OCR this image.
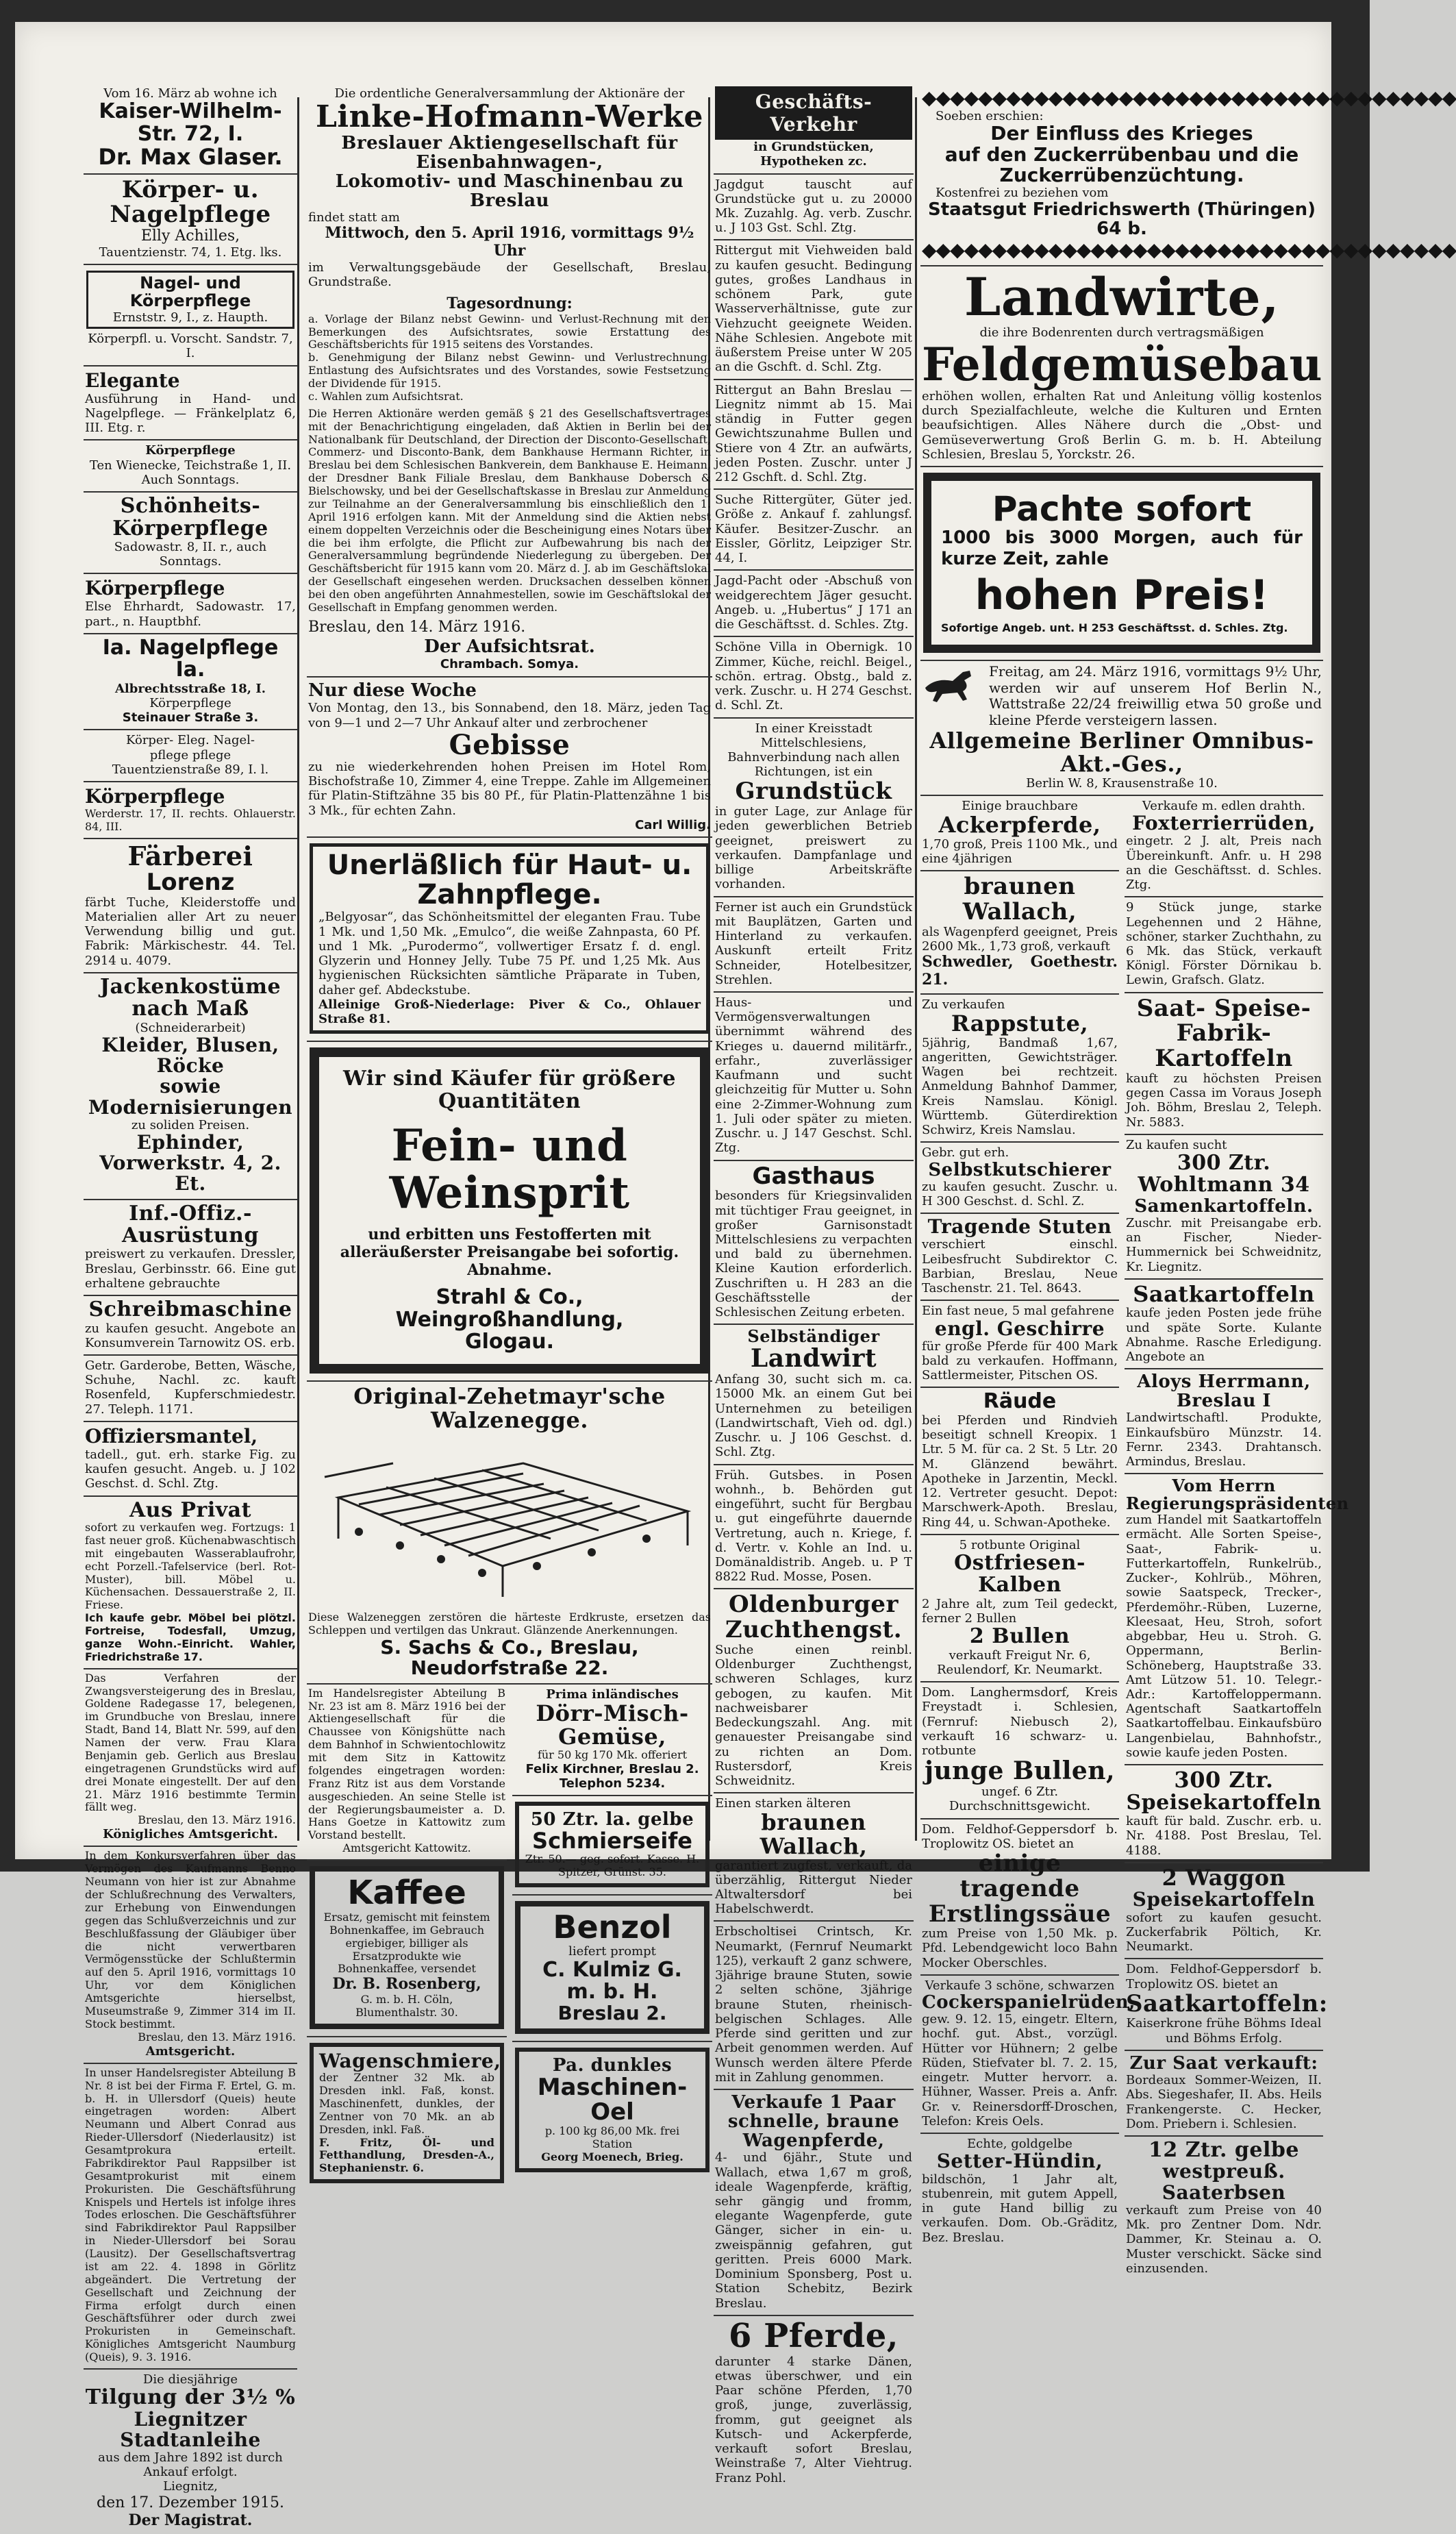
Vom 16. März ab wohne ich
Kaiser-Wilhelm-Str. 72, I.
Dr. Max Glaser.
Körper- u. Nagelpflege
Elly Achilles,
Tauentzienstr. 74, 1. Etg. lks.
Nagel- und Körperpflege
Ernststr. 9, I., z. Haupth.
Körperpfl. u. Vorscht. Sandstr. 7, I.
Elegante
Ausführung in Hand- und Nagelpflege. — Fränkelplatz 6, III. Etg. r.
Körperpflege
Ten Wienecke, Teichstraße 1, II. Auch Sonntags.
Schönheits-Körperpflege
Sadowastr. 8, II. r., auch Sonntags.
Körperpflege
Else Ehrhardt, Sadowastr. 17, part., n. Hauptbhf.
Ia. Nagelpflege Ia.
Albrechtsstraße 18, I.
Körperpflege
Steinauer Straße 3.
Körper- Eleg. Nagel-
pflege pflege
Tauentzienstraße 89, I. l.
Körperpflege
Werderstr. 17, II. rechts. Ohlauerstr. 84, III.
Färberei
Lorenz
färbt Tuche, Kleiderstoffe und Materialien aller Art zu neuer Verwendung billig und gut. Fabrik: Märkischestr. 44. Tel. 2914 u. 4079.
Jackenkostüme nach Maß
(Schneiderarbeit)
Kleider, Blusen, Röcke
sowie Modernisierungen
zu soliden Preisen.
Ephinder, Vorwerkstr. 4, 2. Et.
Inf.-Offiz.-Ausrüstung
preiswert zu verkaufen. Dressler, Breslau, Gerbinsstr. 66. Eine gut erhaltene gebrauchte
Schreibmaschine
zu kaufen gesucht. Angebote an Konsumverein Tarnowitz OS. erb.
Getr. Garderobe, Betten, Wäsche, Schuhe, Nachl. zc. kauft Rosenfeld, Kupferschmiedestr. 27. Teleph. 1171.
Offiziersmantel,
tadell., gut. erh. starke Fig. zu kaufen gesucht. Angeb. u. J 102 Geschst. d. Schl. Ztg.
Aus Privat
sofort zu verkaufen weg. Fortzugs: 1 fast neuer groß. Küchenabwaschtisch mit eingebauten Wasserablaufrohr, echt Porzell.-Tafelservice (berl. Rot-Muster), bill. Möbel u. Küchensachen. Dessauerstraße 2, II. Friese.
Ich kaufe gebr. Möbel bei plötzl. Fortreise, Todesfall, Umzug, ganze Wohn.-Einricht. Wahler, Friedrichstraße 17.
Das Verfahren der Zwangsversteigerung des in Breslau, Goldene Radegasse 17, belegenen, im Grundbuche von Breslau, innere Stadt, Band 14, Blatt Nr. 599, auf den Namen der verw. Frau Klara Benjamin geb. Gerlich aus Breslau eingetragenen Grundstücks wird auf drei Monate eingestellt. Der auf den 21. März 1916 bestimmte Termin fällt weg.
Breslau, den 13. März 1916.
Königliches Amtsgericht.
In dem Konkursverfahren über das Vermögen des Kaufmanns Benno Neumann von hier ist zur Abnahme der Schlußrechnung des Verwalters, zur Erhebung von Einwendungen gegen das Schlußverzeichnis und zur Beschlußfassung der Gläubiger über die nicht verwertbaren Vermögensstücke der Schlußtermin auf den 5. April 1916, vormittags 10 Uhr, vor dem Königlichen Amtsgerichte hierselbst, Museumstraße 9, Zimmer 314 im II. Stock bestimmt.
Breslau, den 13. März 1916.
Amtsgericht.
In unser Handelsregister Abteilung B Nr. 8 ist bei der Firma F. Ertel, G. m. b. H. in Ullersdorf (Queis) heute eingetragen worden: Albert Neumann und Albert Conrad aus Rieder-Ullersdorf (Niederlausitz) ist Gesamtprokura erteilt. Fabrikdirektor Paul Rappsilber ist Gesamtprokurist mit einem Prokuristen. Die Geschäftsführung Knispels und Hertels ist infolge ihres Todes erloschen. Die Geschäftsführer sind Fabrikdirektor Paul Rappsilber in Nieder-Ullersdorf bei Sorau (Lausitz). Der Gesellschaftsvertrag ist am 22. 4. 1898 in Görlitz abgeändert. Die Vertretung der Gesellschaft und Zeichnung der Firma erfolgt durch einen Geschäftsführer oder durch zwei Prokuristen in Gemeinschaft. Königliches Amtsgericht Naumburg (Queis), 9. 3. 1916.
Die diesjährige
Tilgung der 3½ %
Liegnitzer Stadtanleihe
aus dem Jahre 1892 ist durch Ankauf erfolgt.
Liegnitz,
den 17. Dezember 1915.
Der Magistrat.
Die ordentliche Generalversammlung der Aktionäre der
Linke-Hofmann-Werke
Breslauer Aktiengesellschaft für Eisenbahnwagen-,
Lokomotiv- und Maschinenbau zu Breslau
findet statt am
Mittwoch, den 5. April 1916, vormittags 9½ Uhr
im Verwaltungsgebäude der Gesellschaft, Breslau, Grundstraße.
Tagesordnung:
a. Vorlage der Bilanz nebst Gewinn- und Verlust-Rechnung mit den Bemerkungen des Aufsichtsrates, sowie Erstattung des Geschäftsberichts für 1915 seitens des Vorstandes.
b. Genehmigung der Bilanz nebst Gewinn- und Verlustrechnung, Entlastung des Aufsichtsrates und des Vorstandes, sowie Festsetzung der Dividende für 1915.
c. Wahlen zum Aufsichtsrat.
Die Herren Aktionäre werden gemäß § 21 des Gesellschaftsvertrages mit der Benachrichtigung eingeladen, daß Aktien in Berlin bei der Nationalbank für Deutschland, der Direction der Disconto-Gesellschaft, Commerz- und Disconto-Bank, dem Bankhause Hermann Richter, in Breslau bei dem Schlesischen Bankverein, dem Bankhause E. Heimann, der Dresdner Bank Filiale Breslau, dem Bankhause Dobersch & Bielschowsky, und bei der Gesellschaftskasse in Breslau zur Anmeldung zur Teilnahme an der Generalversammlung bis einschließlich den 1. April 1916 erfolgen kann. Mit der Anmeldung sind die Aktien nebst einem doppelten Verzeichnis oder die Bescheinigung eines Notars über die bei ihm erfolgte, die Pflicht zur Aufbewahrung bis nach der Generalversammlung begründende Niederlegung zu übergeben. Der Geschäftsbericht für 1915 kann vom 20. März d. J. ab im Geschäftslokal der Gesellschaft eingesehen werden. Drucksachen desselben können bei den oben angeführten Annahmestellen, sowie im Geschäftslokal der Gesellschaft in Empfang genommen werden.
Breslau, den 14. März 1916.
Der Aufsichtsrat.
Chrambach. Somya.
Nur diese Woche
Von Montag, den 13., bis Sonnabend, den 18. März, jeden Tag von 9—1 und 2—7 Uhr Ankauf alter und zerbrochener
Gebisse
zu nie wiederkehrenden hohen Preisen im Hotel Rom, Bischofstraße 10, Zimmer 4, eine Treppe. Zahle im Allgemeinen für Platin-Stiftzähne 35 bis 80 Pf., für Platin-Plattenzähne 1 bis 3 Mk., für echten Zahn.
Carl Willig.
Unerläßlich für Haut- u. Zahnpflege.
„Belgyosar“, das Schönheitsmittel der eleganten Frau. Tube 1 Mk. und 1,50 Mk. „Emulco“, die weiße Zahnpasta, 60 Pf. und 1 Mk. „Purodermo“, vollwertiger Ersatz f. d. engl. Glyzerin und Honney Jelly. Tube 75 Pf. und 1,25 Mk. Aus hygienischen Rücksichten sämtliche Präparate in Tuben, daher gef. Abdeckstube.
Alleinige Groß-Niederlage: Piver & Co., Ohlauer Straße 81.
Wir sind Käufer für größere Quantitäten
Fein- und Weinsprit
und erbitten uns Festofferten mit alleräußerster Preisangabe bei sofortig. Abnahme.
Strahl & Co., Weingroßhandlung,
Glogau.
Original-Zehetmayr'sche Walzenegge.
Diese Walzeneggen zerstören die härteste Erdkruste, ersetzen das Schleppen und vertilgen das Unkraut. Glänzende Anerkennungen.
S. Sachs & Co., Breslau, Neudorfstraße 22.
Im Handelsregister Abteilung B Nr. 23 ist am 8. März 1916 bei der Aktiengesellschaft für die Chaussee von Königshütte nach dem Bahnhof in Schwientochlowitz mit dem Sitz in Kattowitz folgendes eingetragen worden: Franz Ritz ist aus dem Vorstande ausgeschieden. An seine Stelle ist der Regierungsbaumeister a. D. Hans Goetze in Kattowitz zum Vorstand bestellt.
Amtsgericht Kattowitz.
Kaffee
Ersatz, gemischt mit feinstem Bohnenkaffee, im Gebrauch ergiebiger, billiger als Ersatzprodukte wie Bohnenkaffee, versendet
Dr. B. Rosenberg,
G. m. b. H. Cöln, Blumenthalstr. 30.
Wagenschmiere,
der Zentner 32 Mk. ab Dresden inkl. Faß, konst. Maschinenfett, dunkles, der Zentner von 70 Mk. an ab Dresden, inkl. Faß.
F. Fritz, Öl- und Fetthandlung, Dresden-A., Stephanienstr. 6.
Prima inländisches
Dörr-Misch-Gemüse,
für 50 kg 170 Mk. offeriert
Felix Kirchner, Breslau 2. Telephon 5234.
50 Ztr. la. gelbe
Schmierseife
Ztr. 50.— geg. sofort. Kasse. H. Spitzer, Grünst. 35.
Benzol
liefert prompt
C. Kulmiz G. m. b. H.
Breslau 2.
Pa. dunkles
Maschinen-Oel
p. 100 kg 86,00 Mk. frei Station
Georg Moenech, Brieg.
Geschäfts-Verkehr
in Grundstücken, Hypotheken zc.
Jagdgut tauscht auf Grundstücke gut u. zu 20000 Mk. Zuzahlg. Ag. verb. Zuschr. u. J 103 Gst. Schl. Ztg.
Rittergut mit Viehweiden bald zu kaufen gesucht. Bedingung gutes, großes Landhaus in schönem Park, gute Wasserverhältnisse, gute zur Viehzucht geeignete Weiden. Nähe Schlesien. Angebote mit äußerstem Preise unter W 205 an die Gschft. d. Schl. Ztg.
Rittergut an Bahn Breslau — Liegnitz nimmt ab 15. Mai ständig in Futter gegen Gewichtszunahme Bullen und Stiere von 4 Ztr. an aufwärts, jeden Posten. Zuschr. unter J 212 Gschft. d. Schl. Ztg.
Suche Rittergüter, Güter jed. Größe z. Ankauf f. zahlungsf. Käufer. Besitzer-Zuschr. an Eissler, Görlitz, Leipziger Str. 44, I.
Jagd-Pacht oder -Abschuß von weidgerechtem Jäger gesucht. Angeb. u. „Hubertus“ J 171 an die Geschäftsst. d. Schles. Ztg.
Schöne Villa in Obernigk. 10 Zimmer, Küche, reichl. Beigel., schön. ertrag. Obstg., bald z. verk. Zuschr. u. H 274 Geschst. d. Schl. Zt.
In einer Kreisstadt Mittelschlesiens, Bahnverbindung nach allen Richtungen, ist ein
Grundstück
in guter Lage, zur Anlage für jeden gewerblichen Betrieb geeignet, preiswert zu verkaufen. Dampfanlage und billige Arbeitskräfte vorhanden.
Ferner ist auch ein Grundstück mit Bauplätzen, Garten und Hinterland zu verkaufen. Auskunft erteilt Fritz Schneider, Hotelbesitzer, Strehlen.
Haus- und Vermögensverwaltungen übernimmt während des Krieges u. dauernd militärfr., erfahr., zuverlässiger Kaufmann und sucht gleichzeitig für Mutter u. Sohn eine 2-Zimmer-Wohnung zum 1. Juli oder später zu mieten. Zuschr. u. J 147 Geschst. Schl. Ztg.
Gasthaus
besonders für Kriegsinvaliden mit tüchtiger Frau geeignet, in großer Garnisonstadt Mittelschlesiens zu verpachten und bald zu übernehmen. Kleine Kaution erforderlich. Zuschriften u. H 283 an die Geschäftsstelle der Schlesischen Zeitung erbeten.
Selbständiger
Landwirt
Anfang 30, sucht sich m. ca. 15000 Mk. an einem Gut bei Unternehmen zu beteiligen (Landwirtschaft, Vieh od. dgl.) Zuschr. u. J 106 Geschst. d. Schl. Ztg.
Früh. Gutsbes. in Posen wohnh., b. Behörden gut eingeführt, sucht für Bergbau u. gut eingeführte dauernde Vertretung, auch n. Kriege, f. d. Vertr. v. Kohle an Ind. u. Domänaldistrib. Angeb. u. P T 8822 Rud. Mosse, Posen.
Oldenburger
Zuchthengst.
Suche einen reinbl. Oldenburger Zuchthengst, schweren Schlages, kurz gebogen, zu kaufen. Mit nachweisbarer Bedeckungszahl. Ang. mit genauester Preisangabe sind zu richten an Dom. Rustersdorf, Kreis Schweidnitz.
Einen starken älteren
braunen Wallach,
garantiert zugfest, verkauft, da überzählig, Rittergut Nieder Altwaltersdorf bei Habelschwerdt.
Erbscholtisei Crintsch, Kr. Neumarkt, (Fernruf Neumarkt 125), verkauft 2 ganz schwere, 3jährige braune Stuten, sowie 2 selten schöne, 3jährige braune Stuten, rheinisch-belgischen Schlages. Alle Pferde sind geritten und zur Arbeit genommen werden. Auf Wunsch werden ältere Pferde mit in Zahlung genommen.
Verkaufe 1 Paar schnelle, braune Wagenpferde,
4- und 6jähr., Stute und Wallach, etwa 1,67 m groß, ideale Wagenpferde, kräftig, sehr gängig und fromm, elegante Wagenpferde, gute Gänger, sicher in ein- u. zweispännig gefahren, gut geritten. Preis 6000 Mark. Dominium Sponsberg, Post u. Station Schebitz, Bezirk Breslau.
6 Pferde,
darunter 4 starke Dänen, etwas überschwer, und ein Paar schöne Pferden, 1,70 groß, junge, zuverlässig, fromm, gut geeignet als Kutsch- und Ackerpferde, verkauft sofort Breslau, Weinstraße 7, Alter Viehtrug. Franz Pohl.
◆◆◆◆◆◆◆◆◆◆◆◆◆◆◆◆◆◆◆◆◆◆◆◆◆◆◆◆◆◆◆◆◆◆◆◆◆◆
Soeben erschien:
Der Einfluss des Krieges
auf den Zuckerrübenbau und die
Zuckerrübenzüchtung.
Kostenfrei zu beziehen vom
Staatsgut Friedrichswerth (Thüringen) 64 b.
◆◆◆◆◆◆◆◆◆◆◆◆◆◆◆◆◆◆◆◆◆◆◆◆◆◆◆◆◆◆◆◆◆◆◆◆◆◆
Landwirte,
die ihre Bodenrenten durch vertragsmäßigen
Feldgemüsebau
erhöhen wollen, erhalten Rat und Anleitung völlig kostenlos durch Spezialfachleute, welche die Kulturen und Ernten beaufsichtigen. Alles Nähere durch die „Obst- und Gemüseverwertung Groß Berlin G. m. b. H. Abteilung Schlesien, Breslau 5, Yorckstr. 26.
Pachte sofort
1000 bis 3000 Morgen, auch für kurze Zeit, zahle
hohen Preis!
Sofortige Angeb. unt. H 253 Geschäftsst. d. Schles. Ztg.
Freitag, am 24. März 1916, vormittags 9½ Uhr, werden wir auf unserem Hof Berlin N., Wattstraße 22/24 freiwillig etwa 50 große und kleine Pferde versteigern lassen.
Allgemeine Berliner Omnibus-Akt.-Ges.,
Berlin W. 8, Krausenstraße 10.
Einige brauchbare
Ackerpferde,
1,70 groß, Preis 1100 Mk., und eine 4jährigen
braunen Wallach,
als Wagenpferd geeignet, Preis 2600 Mk., 1,73 groß, verkauft
Schwedler, Goethestr. 21.
Zu verkaufen
Rappstute,
5jährig, Bandmaß 1,67, angeritten, Gewichtsträger. Wagen bei rechtzeit. Anmeldung Bahnhof Dammer, Kreis Namslau. Königl. Württemb. Güterdirektion Schwirz, Kreis Namslau.
Gebr. gut erh.
Selbstkutschierer
zu kaufen gesucht. Zuschr. u. H 300 Geschst. d. Schl. Z.
Tragende Stuten
verschiert einschl. Leibesfrucht Subdirektor C. Barbian, Breslau, Neue Taschenstr. 21. Tel. 8643.
Ein fast neue, 5 mal gefahrene
engl. Geschirre
für große Pferde für 400 Mark bald zu verkaufen. Hoffmann, Sattlermeister, Pitschen OS.
Räude
bei Pferden und Rindvieh beseitigt schnell Kreopix. 1 Ltr. 5 M. für ca. 2 St. 5 Ltr. 20 M. Glänzend bewährt. Apotheke in Jarzentin, Meckl. 12. Vertreter gesucht. Depot: Marschwerk-Apoth. Breslau, Ring 44, u. Schwan-Apotheke.
5 rotbunte Original
Ostfriesen-Kalben
2 Jahre alt, zum Teil gedeckt, ferner 2 Bullen
2 Bullen
verkauft Freigut Nr. 6, Reulendorf, Kr. Neumarkt.
Dom. Langhermsdorf, Kreis Freystadt i. Schlesien, (Fernruf: Niebusch 2), verkauft 16 schwarz- u. rotbunte
junge Bullen,
ungef. 6 Ztr. Durchschnittsgewicht.
Dom. Feldhof-Geppersdorf b. Troplowitz OS. bietet an
einige tragende Erstlingssäue
zum Preise von 1,50 Mk. p. Pfd. Lebendgewicht loco Bahn Mocker Oberschles.
Verkaufe 3 schöne, schwarzen
Cockerspanielrüden,
gew. 9. 12. 15, eingetr. Eltern, hochf. gut. Abst., vorzügl. Hütter vor Hühnern; 2 gelbe Rüden, Stiefvater bl. 7. 2. 15, eingetr. Mutter hervorr. a. Hühner, Wasser. Preis a. Anfr. Gr. v. Reinersdorff-Droschen, Telefon: Kreis Oels.
Echte, goldgelbe
Setter-Hündin,
bildschön, 1 Jahr alt, stubenrein, mit gutem Appell, in gute Hand billig zu verkaufen. Dom. Ob.-Gräditz, Bez. Breslau.
Verkaufe m. edlen drahth.
Foxterrierrüden,
eingetr. 2 J. alt, Preis nach Übereinkunft. Anfr. u. H 298 an die Geschäftsst. d. Schles. Ztg.
9 Stück junge, starke Legehennen und 2 Hähne, schöner, starker Zuchthahn, zu 6 Mk. das Stück, verkauft Königl. Förster Dörnikau b. Lewin, Grafsch. Glatz.
Saat- Speise- Fabrik- Kartoffeln
kauft zu höchsten Preisen gegen Cassa im Voraus Joseph Joh. Böhm, Breslau 2, Teleph. Nr. 5883.
Zu kaufen sucht
300 Ztr. Wohltmann 34
Samenkartoffeln.
Zuschr. mit Preisangabe erb. an Fischer, Nieder-Hummernick bei Schweidnitz, Kr. Liegnitz.
Saatkartoffeln
kaufe jeden Posten jede frühe und späte Sorte. Kulante Abnahme. Rasche Erledigung. Angebote an
Aloys Herrmann, Breslau I
Landwirtschaftl. Produkte, Einkaufsbüro Münzstr. 14. Fernr. 2343. Drahtansch. Armindus, Breslau.
Vom Herrn Regierungspräsidenten
zum Handel mit Saatkartoffeln ermächt. Alle Sorten Speise-, Saat-, Fabrik- u. Futterkartoffeln, Runkelrüb., Zucker-, Kohlrüb., Möhren, sowie Saatspeck, Trecker-, Pferdemöhr.-Rüben, Luzerne, Kleesaat, Heu, Stroh, sofort abgebbar, Heu u. Stroh. G. Oppermann, Berlin-Schöneberg, Hauptstraße 33. Amt Lützow 51. 10. Telegr.-Adr.: Kartoffeloppermann. Agentschaft Saatkartoffeln Saatkartoffelbau. Einkaufsbüro Langenbielau, Bahnhofstr., sowie kaufe jeden Posten.
300 Ztr.
Speisekartoffeln
kauft für bald. Zuschr. erb. u. Nr. 4188. Post Breslau, Tel. 4188.
2 Waggon
Speisekartoffeln
sofort zu kaufen gesucht. Zuckerfabrik Pöltich, Kr. Neumarkt.
Dom. Feldhof-Geppersdorf b. Troplowitz OS. bietet an
Saatkartoffeln:
Kaiserkrone frühe Böhms Ideal und Böhms Erfolg.
Zur Saat verkauft:
Bordeaux Sommer-Weizen, II. Abs. Siegeshafer, II. Abs. Heils Frankengerste. C. Hecker, Dom. Priebern i. Schlesien.
12 Ztr. gelbe
westpreuß. Saaterbsen
verkauft zum Preise von 40 Mk. pro Zentner Dom. Ndr. Dammer, Kr. Steinau a. O. Muster verschickt. Säcke sind einzusenden.
